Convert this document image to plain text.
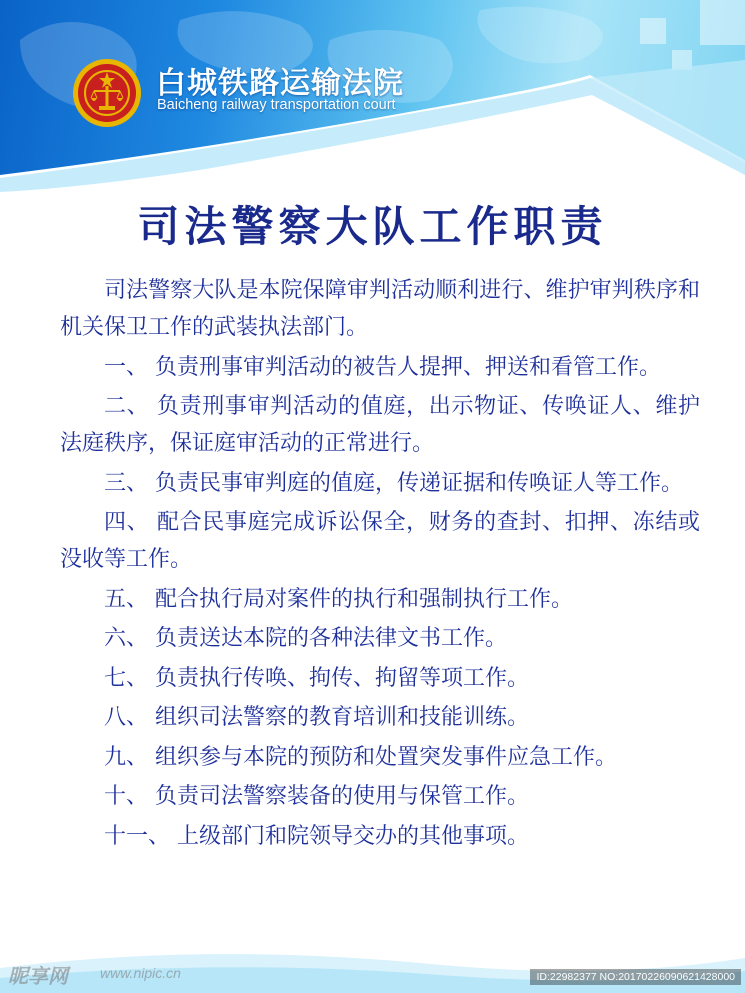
白城铁路运输法院
Baicheng railway transportation court
司法警察大队工作职责

司法警察大队是本院保障审判活动顺利进行、维护审判秩序和机关保卫工作的武装执法部门。

一、 负责刑事审判活动的被告人提押、押送和看管工作。

二、 负责刑事审判活动的值庭，出示物证、传唤证人、维护法庭秩序，保证庭审活动的正常进行。

三、 负责民事审判庭的值庭，传递证据和传唤证人等工作。

四、 配合民事庭完成诉讼保全，财务的查封、扣押、冻结或没收等工作。

五、 配合执行局对案件的执行和强制执行工作。

六、 负责送达本院的各种法律文书工作。

七、 负责执行传唤、拘传、拘留等项工作。

八、 组织司法警察的教育培训和技能训练。

九、 组织参与本院的预防和处置突发事件应急工作。

十、 负责司法警察装备的使用与保管工作。

十一、 上级部门和院领导交办的其他事项。

昵享网 www.nipic.cn	ID:22982377 NO:20170226090621428000
